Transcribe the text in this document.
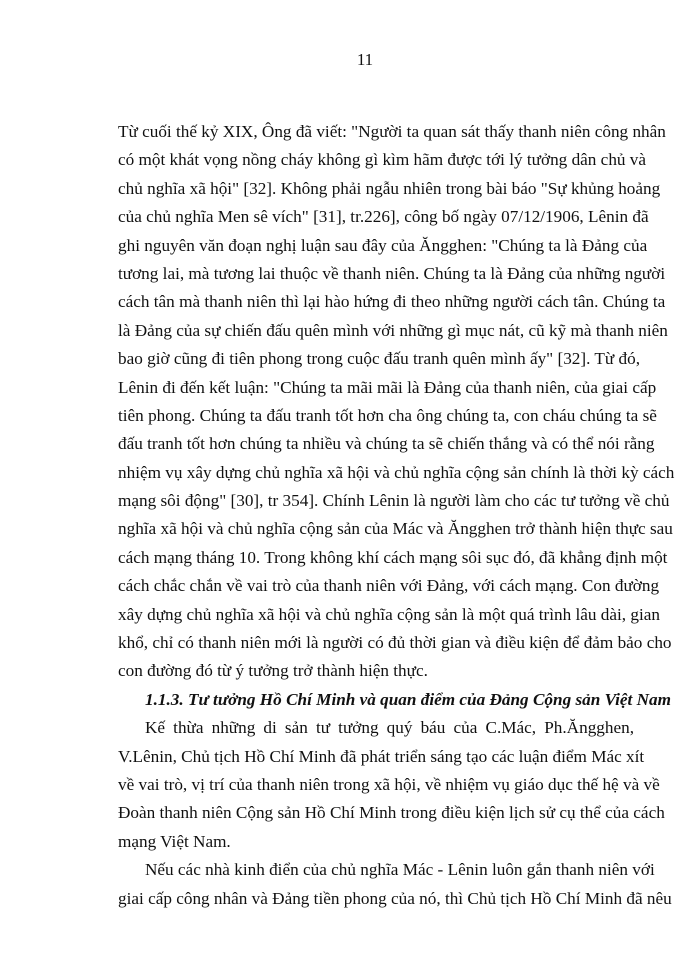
11
Từ cuối thế kỷ XIX, Ông đã viết: "Người ta quan sát thấy thanh niên công nhân
có một khát vọng nồng cháy không gì kìm hãm được tới lý tưởng dân chủ và
chủ nghĩa xã hội" [32]. Không phải ngẫu nhiên trong bài báo "Sự khủng hoảng
của chủ nghĩa Men sê vích" [31], tr.226], công bố ngày 07/12/1906, Lênin đã
ghi nguyên văn đoạn nghị luận sau đây của Ăngghen: "Chúng ta là Đảng của
tương lai, mà tương lai thuộc về thanh niên. Chúng ta là Đảng của những người
cách tân mà thanh niên thì lại hào hứng đi theo những người cách tân. Chúng ta
là Đảng của sự chiến đấu quên mình với những gì mục nát, cũ kỹ mà thanh niên
bao giờ cũng đi tiên phong trong cuộc đấu tranh quên mình ấy" [32]. Từ đó,
Lênin đi đến kết luận: "Chúng ta mãi mãi là Đảng của thanh niên, của giai cấp
tiên phong. Chúng ta đấu tranh tốt hơn cha ông chúng ta, con cháu chúng ta sẽ
đấu tranh tốt hơn chúng ta nhiều và chúng ta sẽ chiến thắng và có thể nói rằng
nhiệm vụ xây dựng chủ nghĩa xã hội và chủ nghĩa cộng sản chính là thời kỳ cách
mạng sôi động" [30], tr 354]. Chính Lênin là người làm cho các tư tưởng về chủ
nghĩa xã hội và chủ nghĩa cộng sản của Mác và Ăngghen trở thành hiện thực sau
cách mạng tháng 10. Trong không khí cách mạng sôi sục đó, đã khẳng định một
cách chắc chắn về vai trò của thanh niên với Đảng, với cách mạng. Con đường
xây dựng chủ nghĩa xã hội và chủ nghĩa cộng sản là một quá trình lâu dài, gian
khổ, chỉ có thanh niên mới là người có đủ thời gian và điều kiện để đảm bảo cho
con đường đó từ ý tưởng trở thành hiện thực.
1.1.3. Tư tưởng Hồ Chí Minh và quan điểm của Đảng Cộng sản Việt Nam
Kế thừa những di sản tư tưởng quý báu của C.Mác, Ph.Ăngghen,
V.Lênin, Chủ tịch Hồ Chí Minh đã phát triển sáng tạo các luận điểm Mác xít
về vai trò, vị trí của thanh niên trong xã hội, về nhiệm vụ giáo dục thế hệ và về
Đoàn thanh niên Cộng sản Hồ Chí Minh trong điều kiện lịch sử cụ thể của cách
mạng Việt Nam.
Nếu các nhà kinh điển của chủ nghĩa Mác - Lênin luôn gắn thanh niên với
giai cấp công nhân và Đảng tiền phong của nó, thì Chủ tịch Hồ Chí Minh đã nêu
